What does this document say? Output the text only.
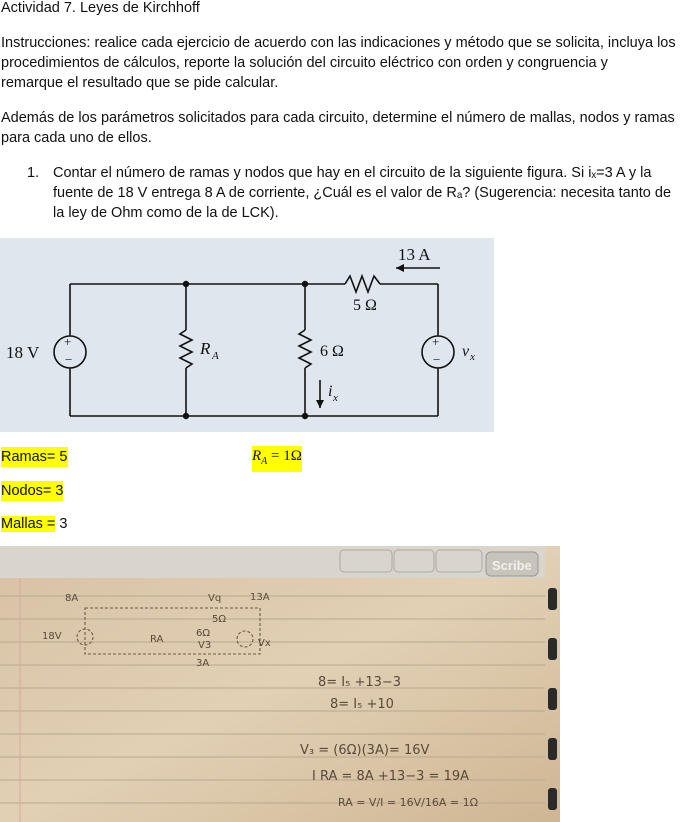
Actividad 7. Leyes de Kirchhoff
Instrucciones: realice cada ejercicio de acuerdo con las indicaciones y método que se solicita, incluya los
procedimientos de cálculos, reporte la solución del circuito eléctrico con orden y congruencia y
remarque el resultado que se pide calcular.
Además de los parámetros solicitados para cada circuito, determine el número de mallas, nodos y ramas
para cada uno de ellos.
1. Contar el número de ramas y nodos que hay en el circuito de la siguiente figura. Si iₓ=3 A y la
fuente de 18 V entrega 8 A de corriente, ¿Cuál es el valor de Rₐ? (Sugerencia: necesita tanto de
la ley de Ohm como de la de LCK).
18 V
+
−
+
−
13 A
5 Ω
R A	6 Ω
i x
v x
Ramas= 5	$R_A = 1\Omega$
Nodos= 3
Mallas = 3
Scribe
8A	Vq	13A
5Ω
18V	RA
6Ω
V3	Vx
3A
8= I₅ +13−3
8= I₅ +10
V₃ = (6Ω)(3A)= 16V
I RA = 8A +13−3 = 19A
RA = V/I = 16V/16A = 1Ω
